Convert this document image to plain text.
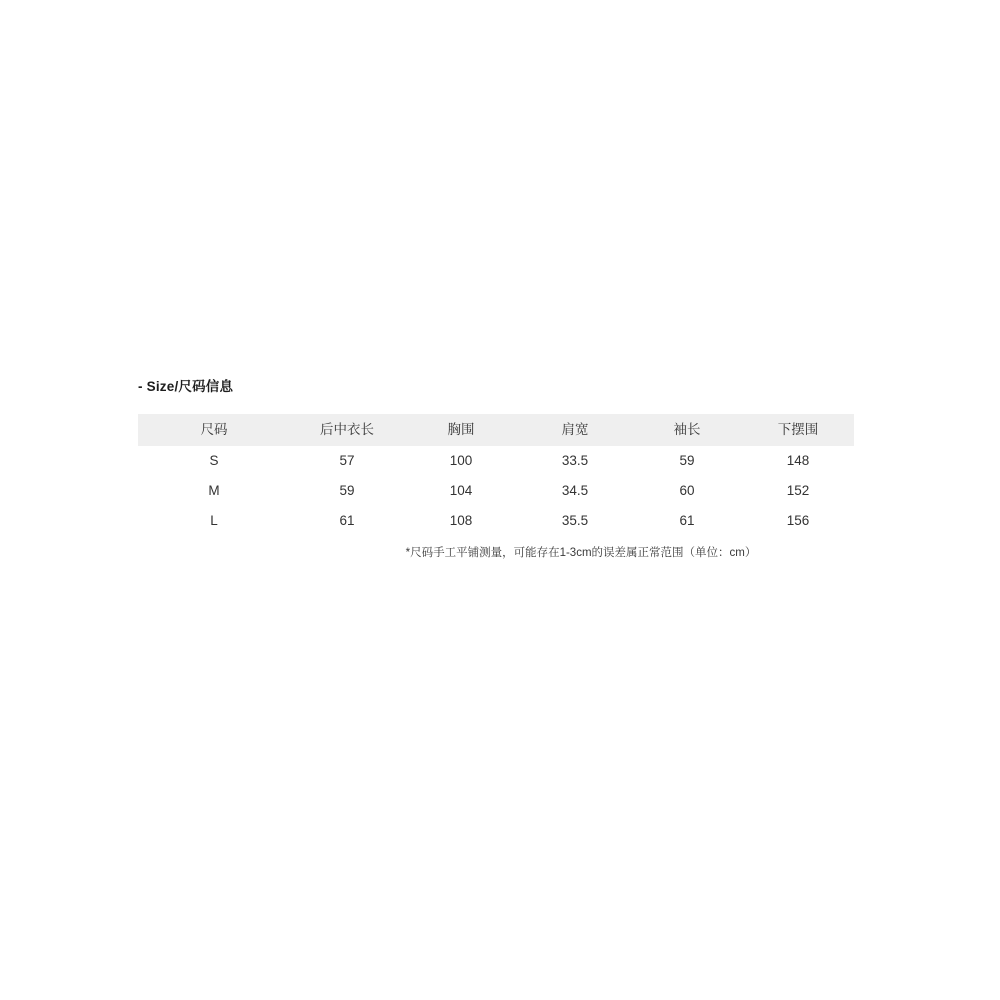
- Size/尺码信息
尺码	后中衣长	胸围	肩宽	袖长	下摆围
S	57	100	33.5	59	148
M	59	104	34.5	60	152
L	61	108	35.5	61	156
*尺码手工平铺测量，可能存在1-3cm的误差属正常范围（单位：cm）
